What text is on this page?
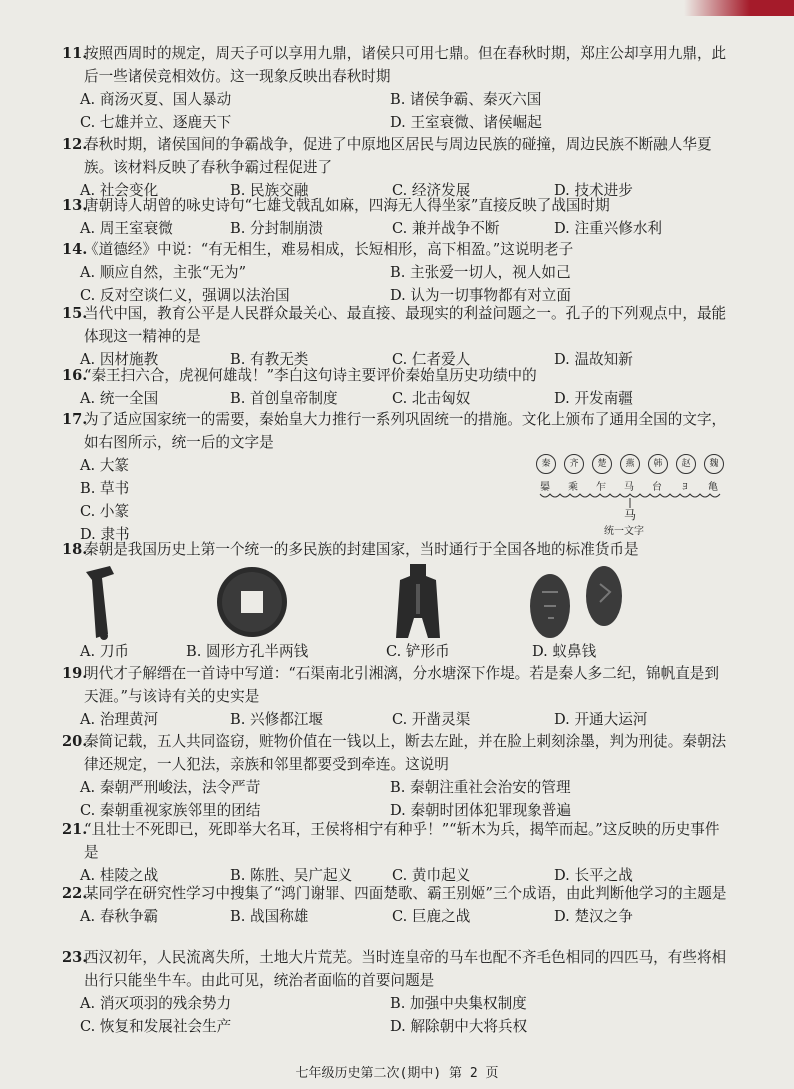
11.按照西周时的规定，周天子可以享用九鼎，诸侯只可用七鼎。但在春秋时期，郑庄公却享用九鼎，此后一些诸侯竞相效仿。这一现象反映出春秋时期
A. 商汤灭夏、国人暴动	B. 诸侯争霸、秦灭六国
C. 七雄并立、逐鹿天下	D. 王室衰微、诸侯崛起
12.春秋时期，诸侯国间的争霸战争，促进了中原地区居民与周边民族的碰撞，周边民族不断融人华夏族。该材料反映了春秋争霸过程促进了
A. 社会变化	B. 民族交融	C. 经济发展	D. 技术进步
13.唐朝诗人胡曾的咏史诗句“七雄戈戟乱如麻，四海无人得坐家”直接反映了战国时期
A. 周王室衰微	B. 分封制崩溃	C. 兼并战争不断	D. 注重兴修水利
14.《道德经》中说：“有无相生，难易相成，长短相形，高下相盈。”这说明老子
A. 顺应自然，主张“无为”	B. 主张爱一切人，视人如己
C. 反对空谈仁义，强调以法治国	D. 认为一切事物都有对立面
15.当代中国，教育公平是人民群众最关心、最直接、最现实的利益问题之一。孔子的下列观点中，最能体现这一精神的是
A. 因材施教	B. 有教无类	C. 仁者爱人	D. 温故知新
16.“秦王扫六合，虎视何雄哉！”李白这句诗主要评价秦始皇历史功绩中的
A. 统一全国	B. 首创皇帝制度	C. 北击匈奴	D. 开发南疆
17.为了适应国家统一的需要，秦始皇大力推行一系列巩固统一的措施。文化上颁布了通用全国的文字，如右图所示，统一后的文字是
A. 大篆
B. 草书
C. 小篆
D. 隶书
秦	齐	楚	燕	韩	赵	魏
㬥	乘	乍	马	台	ﾖ	⻲
马
统一文字
18.秦朝是我国历史上第一个统一的多民族的封建国家，当时通行于全国各地的标准货币是
A. 刀币	B. 圆形方孔半两钱	C. 铲形币	D. 蚁鼻钱
19.明代才子解缙在一首诗中写道：“石渠南北引湘漓，分水塘深下作堤。若是秦人多二纪，锦帆直是到天涯。”与该诗有关的史实是
A. 治理黄河	B. 兴修都江堰	C. 开凿灵渠	D. 开通大运河
20.秦简记载，五人共同盗窃，赃物价值在一钱以上，断去左趾，并在脸上刺刻涂墨，判为刑徒。秦朝法律还规定，一人犯法，亲族和邻里都要受到牵连。这说明
A. 秦朝严刑峻法，法令严苛	B. 秦朝注重社会治安的管理
C. 秦朝重视家族邻里的团结	D. 秦朝时团体犯罪现象普遍
21.“且壮士不死即已，死即举大名耳，王侯将相宁有种乎！”“斩木为兵，揭竿而起。”这反映的历史事件是
A. 桂陵之战	B. 陈胜、吴广起义	C. 黄巾起义	D. 长平之战
22.某同学在研究性学习中搜集了“鸿门谢罪、四面楚歌、霸王别姬”三个成语，由此判断他学习的主题是
A. 春秋争霸	B. 战国称雄	C. 巨鹿之战	D. 楚汉之争
23.西汉初年，人民流离失所，土地大片荒芜。当时连皇帝的马车也配不齐毛色相同的四匹马，有些将相出行只能坐牛车。由此可见，统治者面临的首要问题是
A. 消灭项羽的残余势力	B. 加强中央集权制度
C. 恢复和发展社会生产	D. 解除朝中大将兵权
七年级历史第二次(期中) 第 2 页
